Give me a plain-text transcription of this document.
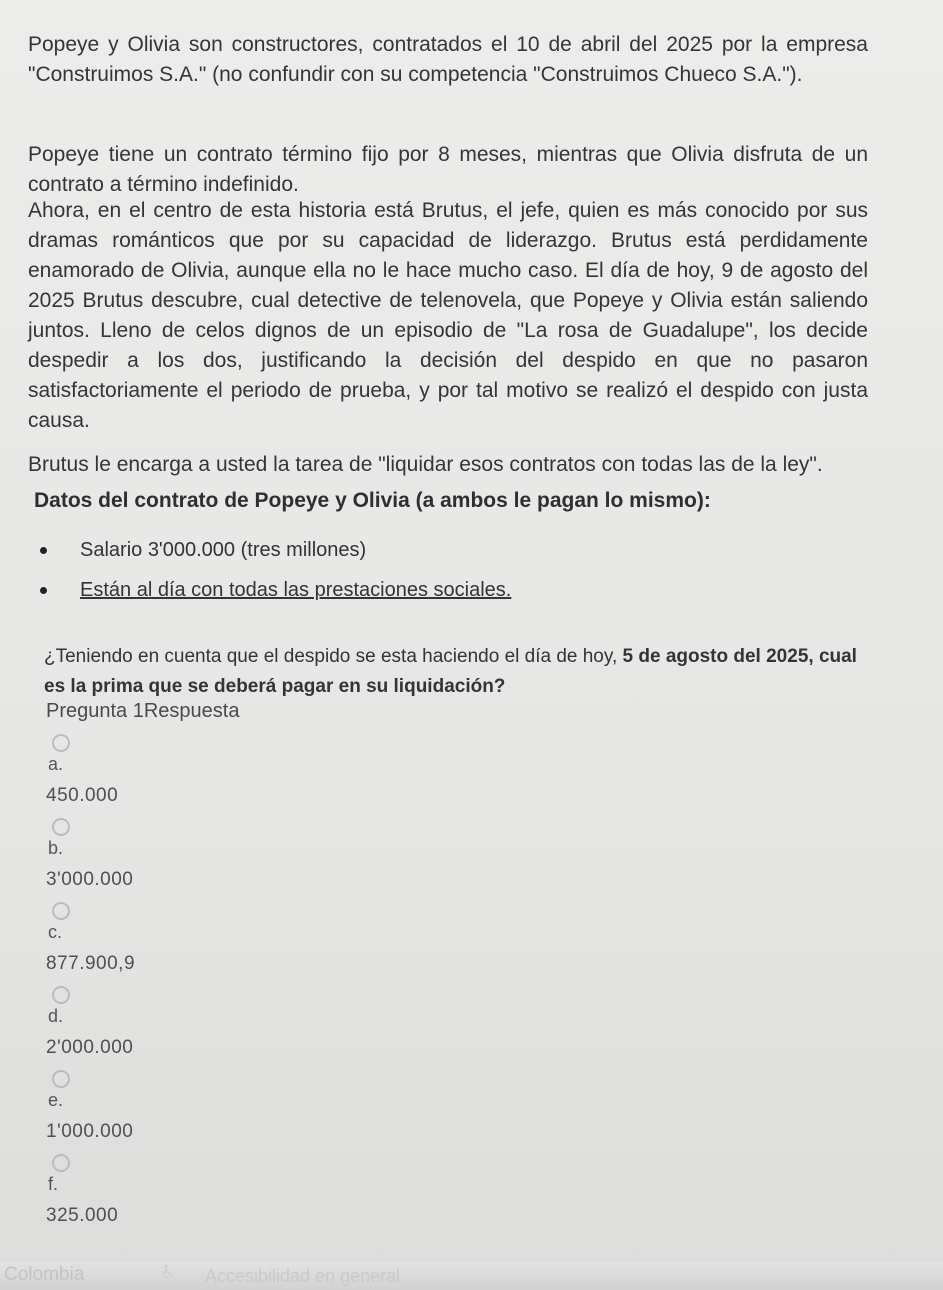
Popeye y Olivia son constructores, contratados el 10 de abril del 2025 por la empresa "Construimos S.A." (no confundir con su competencia "Construimos Chueco S.A.").

Popeye tiene un contrato término fijo por 8 meses, mientras que Olivia disfruta de un contrato a término indefinido.

Ahora, en el centro de esta historia está Brutus, el jefe, quien es más conocido por sus dramas románticos que por su capacidad de liderazgo. Brutus está perdidamente enamorado de Olivia, aunque ella no le hace mucho caso. El día de hoy, 9 de agosto del 2025 Brutus descubre, cual detective de telenovela, que Popeye y Olivia están saliendo juntos. Lleno de celos dignos de un episodio de "La rosa de Guadalupe", los decide despedir a los dos, justificando la decisión del despido en que no pasaron satisfactoriamente el periodo de prueba, y por tal motivo se realizó el despido con justa causa.

Brutus le encarga a usted la tarea de "liquidar esos contratos con todas las de la ley".

Datos del contrato de Popeye y Olivia (a ambos le pagan lo mismo):
Salario 3'000.000 (tres millones)
Están al día con todas las prestaciones sociales.

¿Teniendo en cuenta que el despido se esta haciendo el día de hoy, 5 de agosto del 2025, cual es la prima que se deberá pagar en su liquidación?

Pregunta 1Respuesta
a.
450.000
b.
3'000.000
c.
877.900,9
d.
2'000.000
e.
1'000.000
f.
325.000
Colombia	♿ Accesibilidad en general
